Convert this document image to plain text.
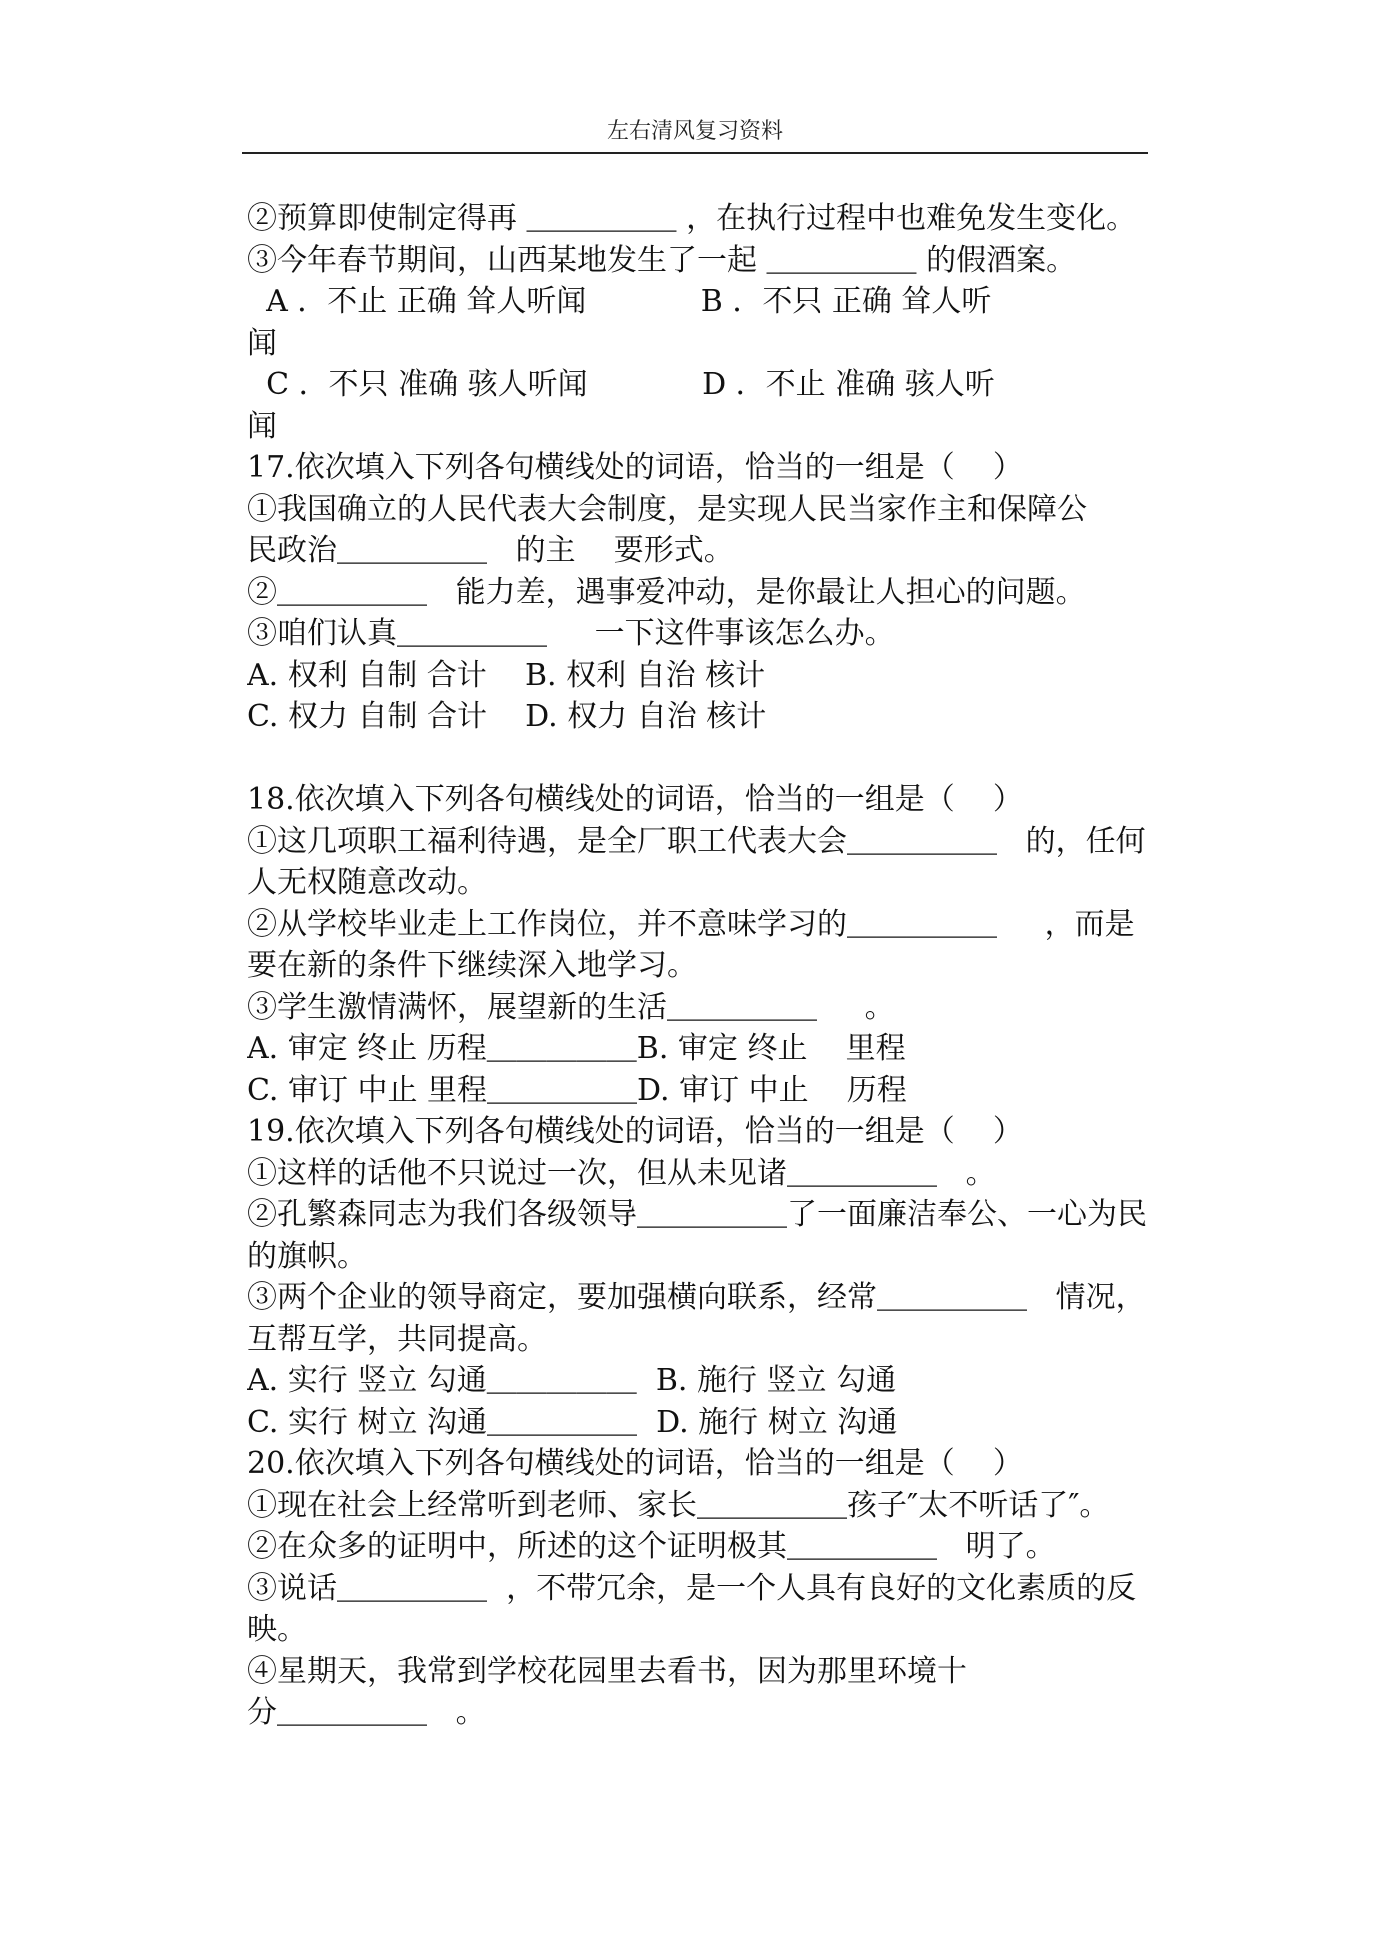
左右清风复习资料
②预算即使制定得再 ＿＿＿＿＿ ，在执行过程中也难免发生变化。
③今年春节期间，山西某地发生了一起 ＿＿＿＿＿ 的假酒案。
A ．不止 正确 耸人听闻            B ．不只 正确 耸人听
闻
C ．不只 准确 骇人听闻            D ．不止 准确 骇人听
闻
17.依次填入下列各句横线处的词语，恰当的一组是（    ）
①我国确立的人民代表大会制度，是实现人民当家作主和保障公
民政治＿＿＿＿＿   的主    要形式。
②＿＿＿＿＿   能力差，遇事爱冲动，是你最让人担心的问题。
③咱们认真＿＿＿＿＿     一下这件事该怎么办。
A. 权利 自制 合计    B. 权利 自治 核计
C. 权力 自制 合计    D. 权力 自治 核计
18.依次填入下列各句横线处的词语，恰当的一组是（    ）
①这几项职工福利待遇，是全厂职工代表大会＿＿＿＿＿   的，任何
人无权随意改动。
②从学校毕业走上工作岗位，并不意味学习的＿＿＿＿＿     ，而是
要在新的条件下继续深入地学习。
③学生激情满怀，展望新的生活＿＿＿＿＿     。
A. 审定 终止 历程＿＿＿＿＿B. 审定 终止    里程
C. 审订 中止 里程＿＿＿＿＿D. 审订 中止    历程
19.依次填入下列各句横线处的词语，恰当的一组是（    ）
①这样的话他不只说过一次，但从未见诸＿＿＿＿＿   。
②孔繁森同志为我们各级领导＿＿＿＿＿了一面廉洁奉公、一心为民
的旗帜。
③两个企业的领导商定，要加强横向联系，经常＿＿＿＿＿   情况，
互帮互学，共同提高。
A. 实行 竖立 勾通＿＿＿＿＿  B. 施行 竖立 勾通
C. 实行 树立 沟通＿＿＿＿＿  D. 施行 树立 沟通
20.依次填入下列各句横线处的词语，恰当的一组是（    ）
①现在社会上经常听到老师、家长＿＿＿＿＿孩子″太不听话了″。
②在众多的证明中，所述的这个证明极其＿＿＿＿＿   明了。
③说话＿＿＿＿＿  ，不带冗余，是一个人具有良好的文化素质的反
映。
④星期天，我常到学校花园里去看书，因为那里环境十
分＿＿＿＿＿   。
